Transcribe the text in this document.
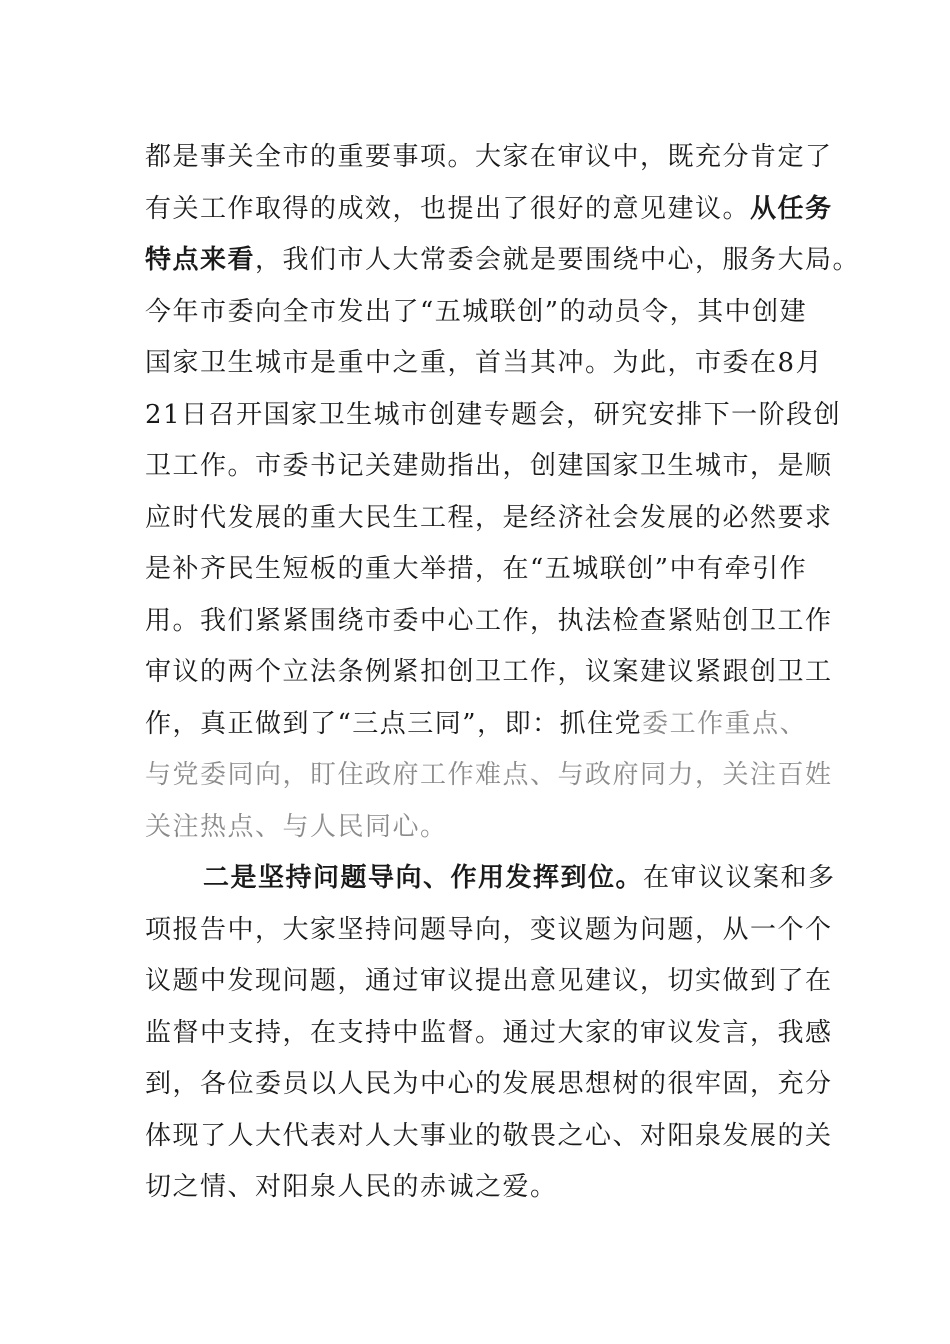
都是事关全市的重要事项。大家在审议中，既充分肯定了
有关工作取得的成效，也提出了很好的意见建议。从任务
特点来看，我们市人大常委会就是要围绕中心，服务大局。
今年市委向全市发出了“五城联创”的动员令，其中创建
国家卫生城市是重中之重，首当其冲。为此，市委在8月
21日召开国家卫生城市创建专题会，研究安排下一阶段创
卫工作。市委书记关建勋指出，创建国家卫生城市，是顺
应时代发展的重大民生工程，是经济社会发展的必然要求
是补齐民生短板的重大举措，在“五城联创”中有牵引作
用。我们紧紧围绕市委中心工作，执法检查紧贴创卫工作
审议的两个立法条例紧扣创卫工作，议案建议紧跟创卫工
作，真正做到了“三点三同”，即：抓住党委工作重点、
与党委同向，盯住政府工作难点、与政府同力，关注百姓
关注热点、与人民同心。

二是坚持问题导向、作用发挥到位。在审议议案和多
项报告中，大家坚持问题导向，变议题为问题，从一个个
议题中发现问题，通过审议提出意见建议，切实做到了在
监督中支持，在支持中监督。通过大家的审议发言，我感
到，各位委员以人民为中心的发展思想树的很牢固，充分
体现了人大代表对人大事业的敬畏之心、对阳泉发展的关
切之情、对阳泉人民的赤诚之爱。
